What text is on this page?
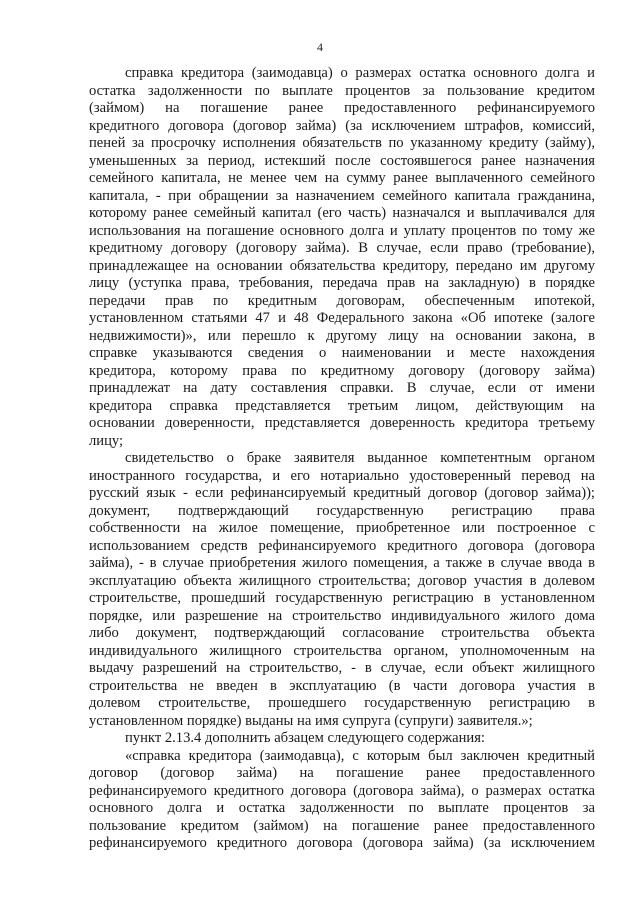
4
справка кредитора (заимодавца) о размерах остатка основного долга и
остатка задолженности по выплате процентов за пользование кредитом
(займом) на погашение ранее предоставленного рефинансируемого
кредитного договора (договор займа) (за исключением штрафов, комиссий,
пеней за просрочку исполнения обязательств по указанному кредиту (займу),
уменьшенных за период, истекший после состоявшегося ранее назначения
семейного капитала, не менее чем на сумму ранее выплаченного семейного
капитала, - при обращении за назначением семейного капитала гражданина,
которому ранее семейный капитал (его часть) назначался и выплачивался для
использования на погашение основного долга и уплату процентов по тому же
кредитному договору (договору займа). В случае, если право (требование),
принадлежащее на основании обязательства кредитору, передано им другому
лицу (уступка права, требования, передача прав на закладную) в порядке
передачи прав по кредитным договорам, обеспеченным ипотекой,
установленном статьями 47 и 48 Федерального закона «Об ипотеке (залоге
недвижимости)», или перешло к другому лицу на основании закона, в
справке указываются сведения о наименовании и месте нахождения
кредитора, которому права по кредитному договору (договору займа)
принадлежат на дату составления справки. В случае, если от имени
кредитора справка представляется третьим лицом, действующим на
основании доверенности, представляется доверенность кредитора третьему
лицу;
свидетельство о браке заявителя выданное компетентным органом
иностранного государства, и его нотариально удостоверенный перевод на
русский язык - если рефинансируемый кредитный договор (договор займа));
документ, подтверждающий государственную регистрацию права
собственности на жилое помещение, приобретенное или построенное с
использованием средств рефинансируемого кредитного договора (договора
займа), - в случае приобретения жилого помещения, а также в случае ввода в
эксплуатацию объекта жилищного строительства; договор участия в долевом
строительстве, прошедший государственную регистрацию в установленном
порядке, или разрешение на строительство индивидуального жилого дома
либо документ, подтверждающий согласование строительства объекта
индивидуального жилищного строительства органом, уполномоченным на
выдачу разрешений на строительство, - в случае, если объект жилищного
строительства не введен в эксплуатацию (в части договора участия в
долевом строительстве, прошедшего государственную регистрацию в
установленном порядке) выданы на имя супруга (супруги) заявителя.»;
пункт 2.13.4 дополнить абзацем следующего содержания:
«справка кредитора (заимодавца), с которым был заключен кредитный
договор (договор займа) на погашение ранее предоставленного
рефинансируемого кредитного договора (договора займа), о размерах остатка
основного долга и остатка задолженности по выплате процентов за
пользование кредитом (займом) на погашение ранее предоставленного
рефинансируемого кредитного договора (договора займа) (за исключением
